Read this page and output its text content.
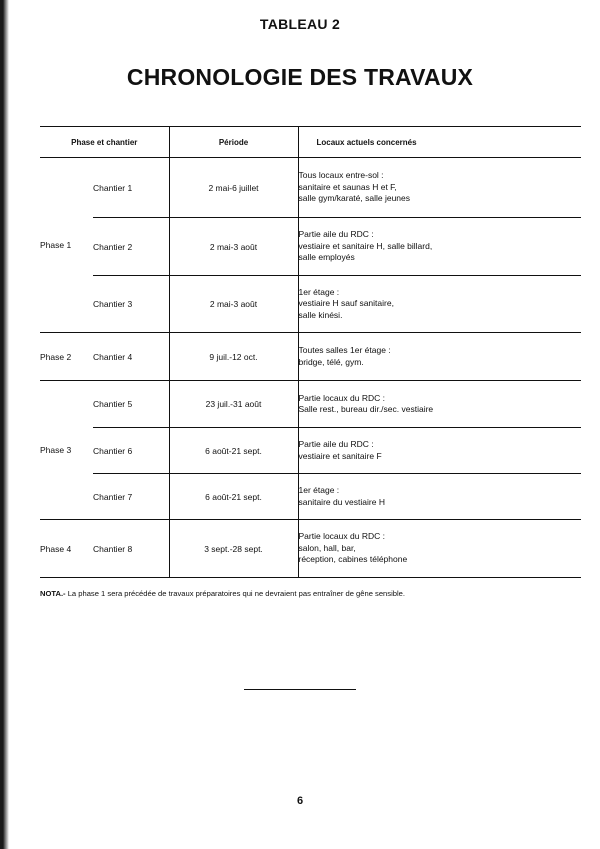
TABLEAU 2
CHRONOLOGIE DES TRAVAUX
Phase et chantier		Période	Locaux actuels concernés
Phase 1	Chantier 1	2 mai-6 juillet	Tous locaux entre-sol :
sanitaire et saunas H et F,
salle gym/karaté, salle jeunes

	Chantier 2	2 mai-3 août	Partie aile du RDC :
vestiaire et sanitaire H, salle billard,
salle employés

	Chantier 3	2 mai-3 août	1er étage :
vestiaire H sauf sanitaire,
salle kinési.

Phase 2	Chantier 4	9 juil.-12 oct.	Toutes salles 1er étage :
bridge, télé, gym.

Phase 3	Chantier 5	23 juil.-31 août	Partie locaux du RDC :
Salle rest., bureau dir./sec. vestiaire

	Chantier 6	6 août-21 sept.	Partie aile du RDC :
vestiaire et sanitaire F

	Chantier 7	6 août-21 sept.	1er étage :
sanitaire du vestiaire H

Phase 4	Chantier 8	3 sept.-28 sept.	Partie locaux du RDC :
salon, hall, bar,
réception, cabines téléphone
NOTA.- La phase 1 sera précédée de travaux préparatoires qui ne devraient pas entraîner de gêne sensible.
6
